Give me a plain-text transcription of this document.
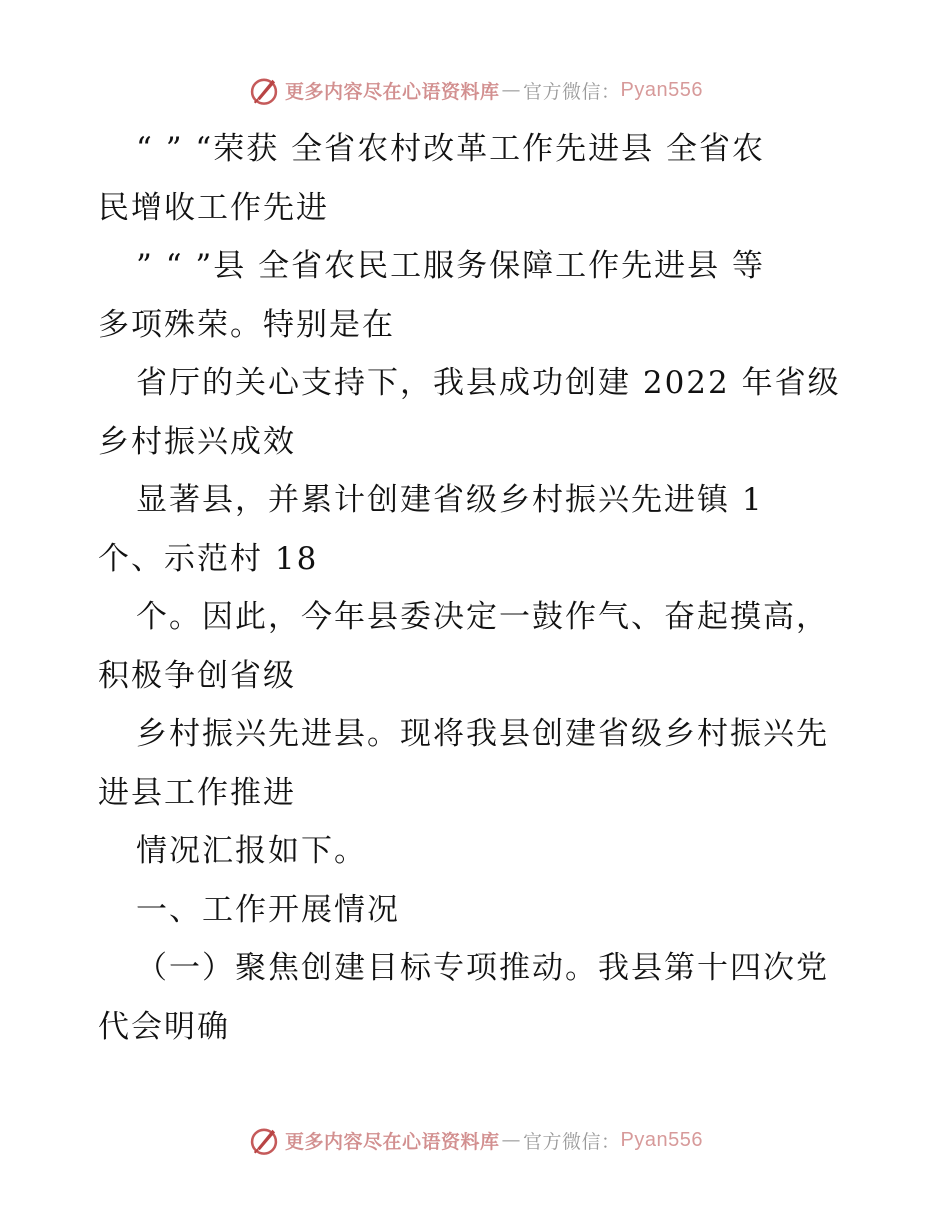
更多内容尽在心语资料库 — 官方微信： Pyan556
“ ” “荣获 全省农村改革工作先进县 全省农
民增收工作先进
” “ ”县 全省农民工服务保障工作先进县 等
多项殊荣。特别是在
省厅的关心支持下，我县成功创建 2022 年省级
乡村振兴成效
显著县，并累计创建省级乡村振兴先进镇 1
个、示范村 18
个。因此，今年县委决定一鼓作气、奋起摸高，
积极争创省级
乡村振兴先进县。现将我县创建省级乡村振兴先
进县工作推进
情况汇报如下。
一、工作开展情况
（一）聚焦创建目标专项推动。我县第十四次党
代会明确
更多内容尽在心语资料库 — 官方微信： Pyan556
